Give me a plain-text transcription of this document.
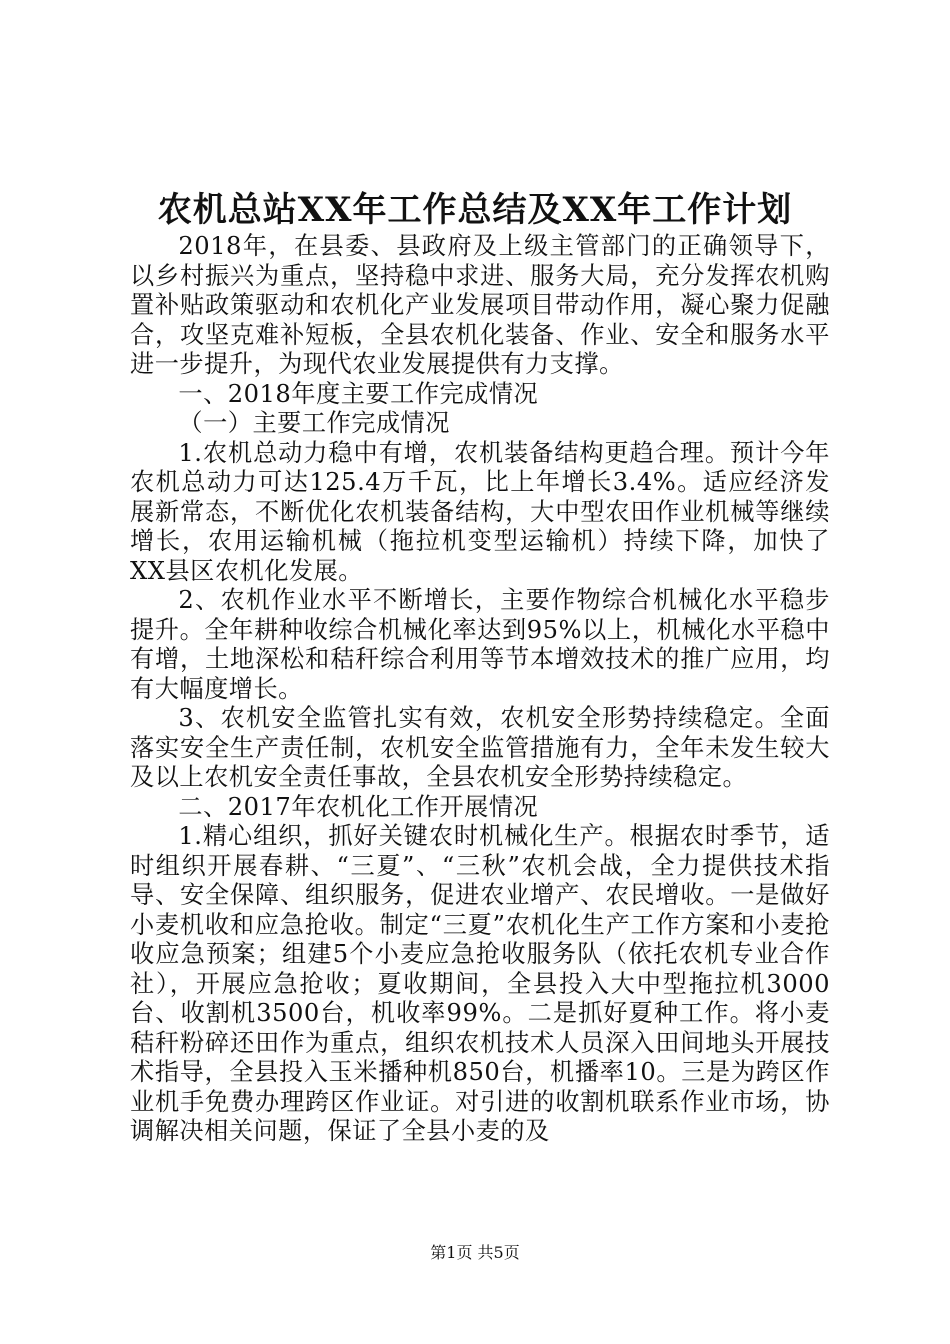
农机总站XX年工作总结及XX年工作计划

2018年，在县委、县政府及上级主管部门的正确领导下，以乡村振兴为重点，坚持稳中求进、服务大局，充分发挥农机购置补贴政策驱动和农机化产业发展项目带动作用，凝心聚力促融合，攻坚克难补短板，全县农机化装备、作业、安全和服务水平进一步提升，为现代农业发展提供有力支撑。

一、2018年度主要工作完成情况

（一）主要工作完成情况

1.农机总动力稳中有增，农机装备结构更趋合理。预计今年农机总动力可达125.4万千瓦，比上年增长3.4%。适应经济发展新常态，不断优化农机装备结构，大中型农田作业机械等继续增长，农用运输机械（拖拉机变型运输机）持续下降，加快了XX县区农机化发展。

2、农机作业水平不断增长，主要作物综合机械化水平稳步提升。全年耕种收综合机械化率达到95%以上，机械化水平稳中有增，土地深松和秸秆综合利用等节本增效技术的推广应用，均有大幅度增长。

3、农机安全监管扎实有效，农机安全形势持续稳定。全面落实安全生产责任制，农机安全监管措施有力，全年未发生较大及以上农机安全责任事故，全县农机安全形势持续稳定。

二、2017年农机化工作开展情况

1.精心组织，抓好关键农时机械化生产。根据农时季节，适时组织开展春耕、“三夏”、“三秋”农机会战，全力提供技术指导、安全保障、组织服务，促进农业增产、农民增收。一是做好小麦机收和应急抢收。制定“三夏”农机化生产工作方案和小麦抢收应急预案；组建5个小麦应急抢收服务队（依托农机专业合作社），开展应急抢收；夏收期间，全县投入大中型拖拉机3000台、收割机3500台，机收率99%。二是抓好夏种工作。将小麦秸秆粉碎还田作为重点，组织农机技术人员深入田间地头开展技术指导，全县投入玉米播种机850台，机播率10。三是为跨区作业机手免费办理跨区作业证。对引进的收割机联系作业市场，协调解决相关问题，保证了全县小麦的及

第1页 共5页
